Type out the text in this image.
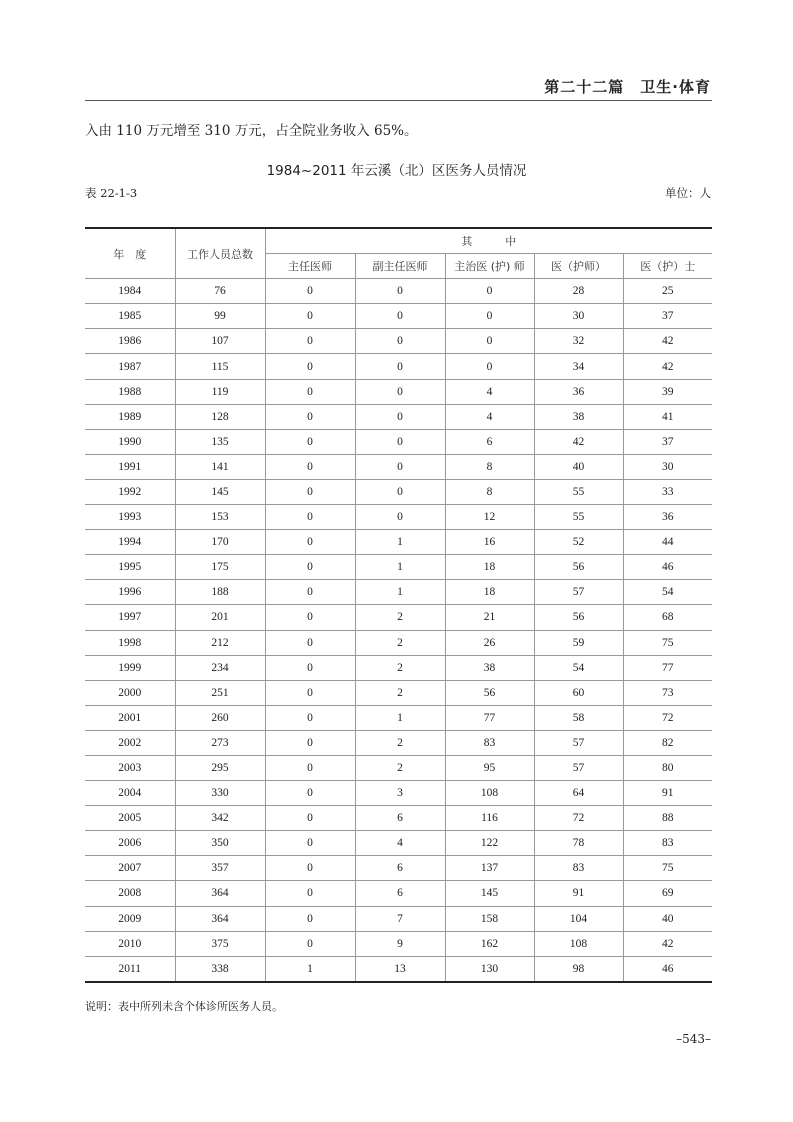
第二十二篇　卫生·体育
入由 110 万元增至 310 万元，占全院业务收入 65%。
1984~2011 年云溪（北）区医务人员情况
表 22-1-3	单位：人
年　度	工作人员总数	其　　　中				
		主任医师	副主任医师	主治医 (护) 师	医（护师）	医（护）士
1984	76	0	0	0	28	25
1985	99	0	0	0	30	37
1986	107	0	0	0	32	42
1987	115	0	0	0	34	42
1988	119	0	0	4	36	39
1989	128	0	0	4	38	41
1990	135	0	0	6	42	37
1991	141	0	0	8	40	30
1992	145	0	0	8	55	33
1993	153	0	0	12	55	36
1994	170	0	1	16	52	44
1995	175	0	1	18	56	46
1996	188	0	1	18	57	54
1997	201	0	2	21	56	68
1998	212	0	2	26	59	75
1999	234	0	2	38	54	77
2000	251	0	2	56	60	73
2001	260	0	1	77	58	72
2002	273	0	2	83	57	82
2003	295	0	2	95	57	80
2004	330	0	3	108	64	91
2005	342	0	6	116	72	88
2006	350	0	4	122	78	83
2007	357	0	6	137	83	75
2008	364	0	6	145	91	69
2009	364	0	7	158	104	40
2010	375	0	9	162	108	42
2011	338	1	13	130	98	46
说明：表中所列未含个体诊所医务人员。
–543–
